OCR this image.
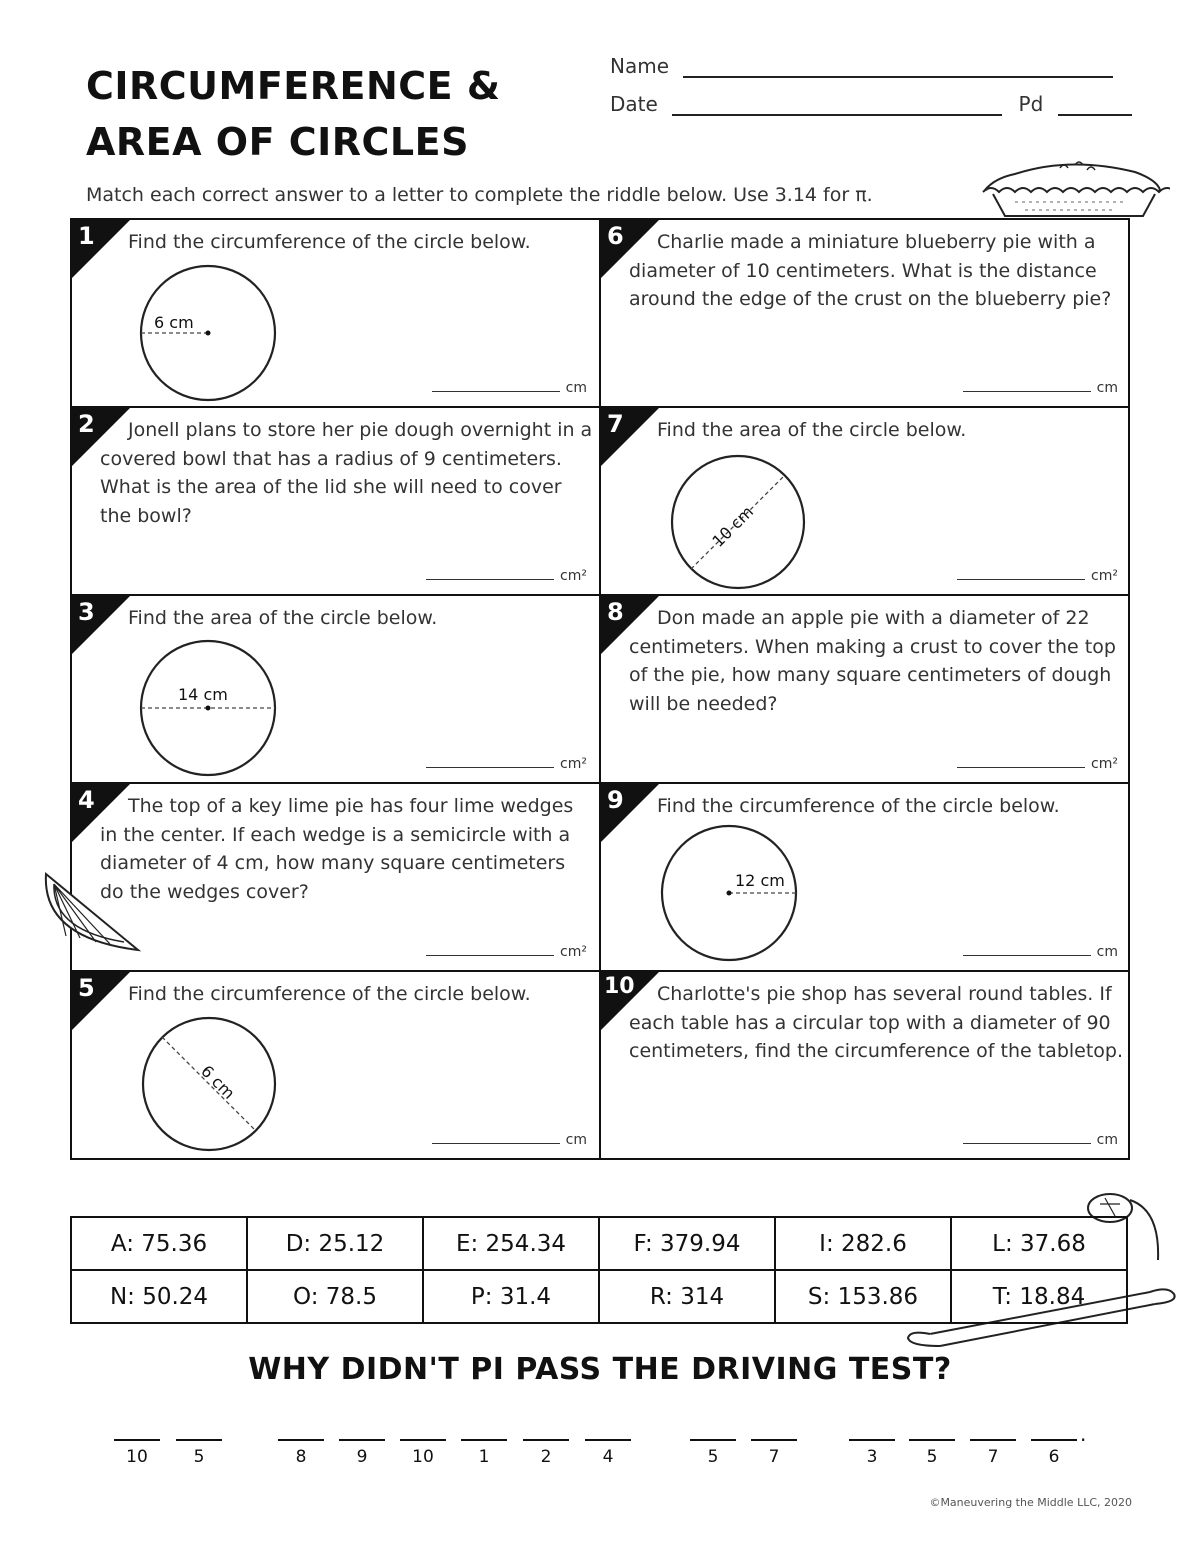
CIRCUMFERENCE & AREA OF CIRCLES
Name
Date	Pd
Match each correct answer to a letter to complete the riddle below. Use 3.14 for π.
1 Find the circumference of the circle below.
6 cm
cm
6	Charlie made a miniature blueberry pie with a diameter of 10 centimeters. What is the distance around the edge of the crust on the blueberry pie?
cm
2	Jonell plans to store her pie dough overnight in a covered bowl that has a radius of 9 centimeters. What is the area of the lid she will need to cover the bowl?
cm²
7 Find the area of the circle below.
10 cm
cm²
3 Find the area of the circle below.
14 cm
cm²
8	Don made an apple pie with a diameter of 22 centimeters. When making a crust to cover the top of the pie, how many square centimeters of dough will be needed?
cm²
4	The top of a key lime pie has four lime wedges in the center. If each wedge is a semicircle with a diameter of 4 cm, how many square centimeters do the wedges cover?
cm²
9 Find the circumference of the circle below.
12 cm
cm
5 Find the circumference of the circle below.
6 cm
cm
10	Charlotte's pie shop has several round tables. If each table has a circular top with a diameter of 90 centimeters, find the circumference of the tabletop.
cm
A: 75.36	D: 25.12	E: 254.34	F: 379.94	I: 282.6	L: 37.68
N: 50.24	O: 78.5	P: 31.4	R: 314	S: 153.86	T: 18.84
WHY DIDN'T PI PASS THE DRIVING TEST?
10	5	8	9	10	1	2	4	5	7	3	5	7	6
.
©Maneuvering the Middle LLC, 2020
